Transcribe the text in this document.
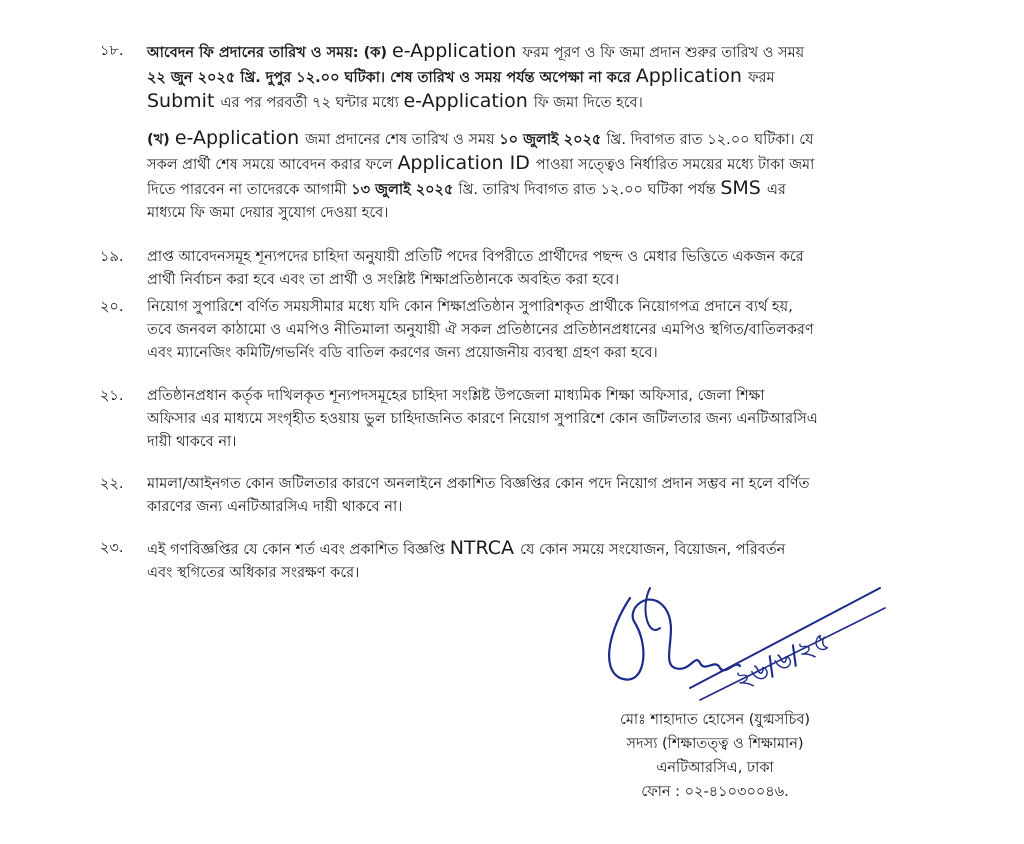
১৮. আবেদন ফি প্রদানের তারিখ ও সময়: (ক) e-Application ফরম পূরণ ও ফি জমা প্রদান শুরুর তারিখ ও সময়
২২ জুন ২০২৫ খ্রি. দুপুর ১২.০০ ঘটিকা। শেষ তারিখ ও সময় পর্যন্ত অপেক্ষা না করে Application ফরম
Submit এর পর পরবর্তী ৭২ ঘন্টার মধ্যে e-Application ফি জমা দিতে হবে।
(খ) e-Application জমা প্রদানের শেষ তারিখ ও সময় ১০ জুলাই ২০২৫ খ্রি. দিবাগত রাত ১২.০০ ঘটিকা। যে
সকল প্রার্থী শেষ সময়ে আবেদন করার ফলে Application ID পাওয়া সত্ত্বেও নির্ধারিত সময়ের মধ্যে টাকা জমা
দিতে পারবেন না তাদেরকে আগামী ১৩ জুলাই ২০২৫ খ্রি. তারিখ দিবাগত রাত ১২.০০ ঘটিকা পর্যন্ত SMS এর
মাধ্যমে ফি জমা দেয়ার সুযোগ দেওয়া হবে।
১৯. প্রাপ্ত আবেদনসমূহ শূন্যপদের চাহিদা অনুযায়ী প্রতিটি পদের বিপরীতে প্রার্থীদের পছন্দ ও মেধার ভিত্তিতে একজন করে
প্রার্থী নির্বাচন করা হবে এবং তা প্রার্থী ও সংশ্লিষ্ট শিক্ষাপ্রতিষ্ঠানকে অবহিত করা হবে।
২০. নিয়োগ সুপারিশে বর্ণিত সময়সীমার মধ্যে যদি কোন শিক্ষাপ্রতিষ্ঠান সুপারিশকৃত প্রার্থীকে নিয়োগপত্র প্রদানে ব্যর্থ হয়,
তবে জনবল কাঠামো ও এমপিও নীতিমালা অনুযায়ী ঐ সকল প্রতিষ্ঠানের প্রতিষ্ঠানপ্রধানের এমপিও স্থগিত/বাতিলকরণ
এবং ম্যানেজিং কমিটি/গভর্নিং বডি বাতিল করণের জন্য প্রয়োজনীয় ব্যবস্থা গ্রহণ করা হবে।
২১. প্রতিষ্ঠানপ্রধান কর্তৃক দাখিলকৃত শূন্যপদসমূহের চাহিদা সংশ্লিষ্ট উপজেলা মাধ্যমিক শিক্ষা অফিসার, জেলা শিক্ষা
অফিসার এর মাধ্যমে সংগৃহীত হওয়ায় ভুল চাহিদাজনিত কারণে নিয়োগ সুপারিশে কোন জটিলতার জন্য এনটিআরসিএ
দায়ী থাকবে না।
২২. মামলা/আইনগত কোন জটিলতার কারণে অনলাইনে প্রকাশিত বিজ্ঞপ্তির কোন পদে নিয়োগ প্রদান সম্ভব না হলে বর্ণিত
কারণের জন্য এনটিআরসিএ দায়ী থাকবে না।
২৩. এই গণবিজ্ঞপ্তির যে কোন শর্ত এবং প্রকাশিত বিজ্ঞপ্তি NTRCA যে কোন সময়ে সংযোজন, বিয়োজন, পরিবর্তন
এবং স্থগিতের অধিকার সংরক্ষণ করে।
২৬/৬/২৫
মোঃ শাহাদাত হোসেন (যুগ্মসচিব)
সদস্য (শিক্ষাতত্ত্ব ও শিক্ষামান)
এনটিআরসিএ, ঢাকা
ফোন : ০২-৪১০৩০০৪৬.
